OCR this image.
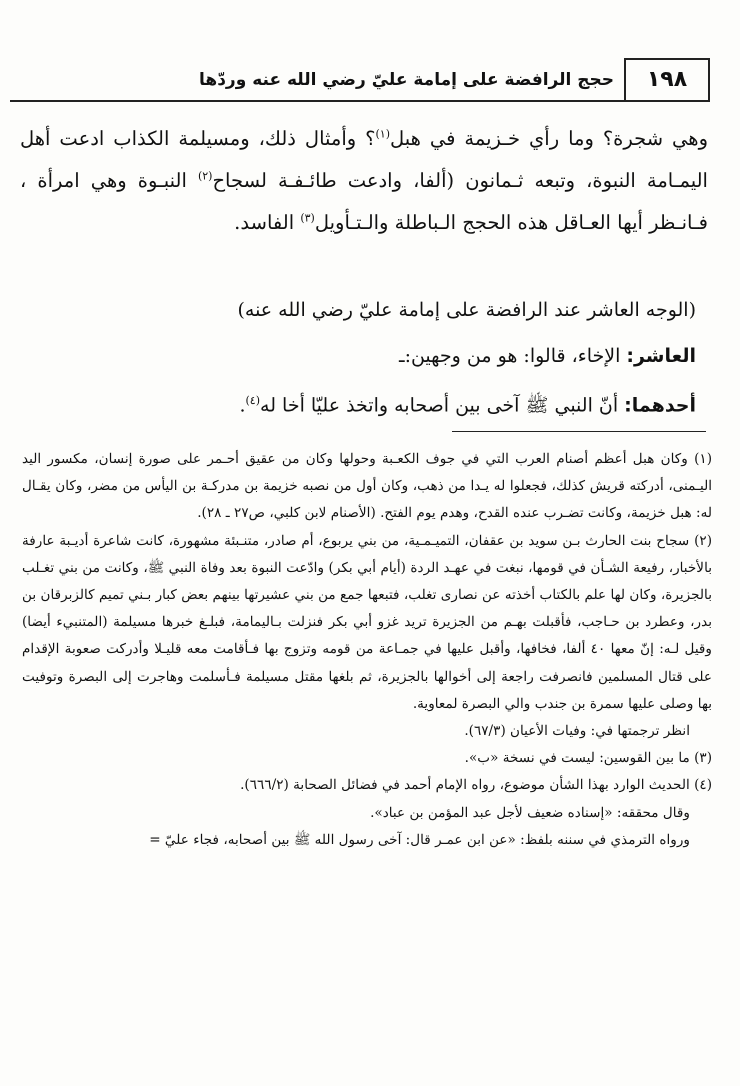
١٩٨
حجج الرافضة على إمامة عليّ رضي الله عنه وردّها

وهي شجرة؟ وما رأي خـزيمة في هبل$^{(١)}$؟ وأمثال ذلك، ومسيلمة الكذاب ادعت أهل اليمـامة النبوة، وتبعه ثـمانون (ألفا، وادعت طائـفـة لسجاح$^{(٢)}$ النبـوة وهي امرأة ، فـانـظر أيها العـاقل هذه الحجج الـباطلة والـتـأويل$^{(٣)}$ الفاسد.

(الوجه العاشر عند الرافضة على إمامة عليّ رضي الله عنه)
العاشر: الإخاء، قالوا: هو من وجهين:ـ
أحدهما: أنّ النبي ﷺ آخى بين أصحابه واتخذ عليّا أخا له$^{(٤)}$.

(١) وكان هبل أعظم أصنام العرب التي في جوف الكعـبة وحولها وكان من عقيق أحـمر على صورة إنسان، مكسور اليد اليـمنى، أدركته قريش كذلك، فجعلوا له يـدا من ذهب، وكان أول من نصبه خزيمة بن مدركـة بن اليأس من مضر، وكان يقـال له: هبل خزيمة، وكانت تضـرب عنده القدح، وهدم يوم الفتح. (الأصنام لابن كلبي، ص٢٧ ـ ٢٨).

(٢) سجاح بنت الحارث بـن سويد بن عقفان، التميـمـية، من بني يربوع، أم صادر، متنـبئة مشهورة، كانت شاعرة أديـبة عارفة بالأخبار، رفيعة الشـأن في قومها، نبغت في عهـد الردة (أيام أبي بكر) وادّعت النبوة بعد وفاة النبي ﷺ، وكانت من بني تغـلب بالجزيرة، وكان لها علم بالكتاب أخذته عن نصارى تغلب، فتبعها جمع من بني عشيرتها بينهم بعض كبار بـني تميم كالزبرقان بن بدر، وعطرد بن حـاجب، فأقبلت بهـم من الجزيرة تريد غزو أبي بكر فنزلت بـاليمامة، فبلـغ خبرها مسيلمة (المتنبيء أيضا) وقيل لـه: إنّ معها ٤٠ ألفا، فخافها، وأقبل عليها في جمـاعة من قومه وتزوج بها فـأقامت معه قليـلا وأدركت صعوبة الإقدام على قتال المسلمين فانصرفت راجعة إلى أخوالها بالجزيرة، ثم بلغها مقتل مسيلمة فـأسلمت وهاجرت إلى البصرة وتوفيت بها وصلى عليها سمرة بن جندب والي البصرة لمعاوية.

انظر ترجمتها في: وفيات الأعيان (٦٧/٣).

(٣) ما بين القوسين: ليست في نسخة «ب».

(٤) الحديث الوارد بهذا الشأن موضوع، رواه الإمام أحمد في فضائل الصحابة (٦٦٦/٢).

وقال محققه: «إسناده ضعيف لأجل عبد المؤمن بن عباد».

ورواه الترمذي في سننه بلفظ: «عن ابن عمـر قال: آخى رسول الله ﷺ بين أصحابه، فجاء عليّ =
